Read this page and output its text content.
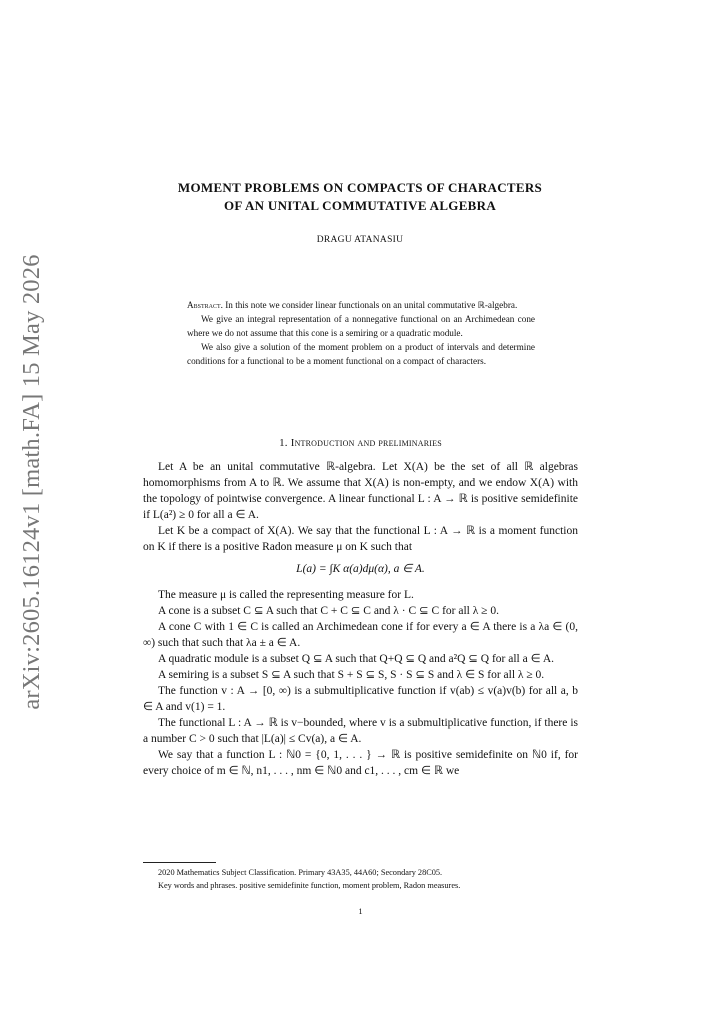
arXiv:2605.16124v1 [math.FA] 15 May 2026
MOMENT PROBLEMS ON COMPACTS OF CHARACTERS
OF AN UNITAL COMMUTATIVE ALGEBRA
DRAGU ATANASIU

Abstract. In this note we consider linear functionals on an unital commutative ℝ-algebra.

We give an integral representation of a nonnegative functional on an Archimedean cone where we do not assume that this cone is a semiring or a quadratic module.

We also give a solution of the moment problem on a product of intervals and determine conditions for a functional to be a moment functional on a compact of characters.

1. Introduction and preliminaries

Let A be an unital commutative ℝ-algebra. Let X(A) be the set of all ℝ algebras homomorphisms from A to ℝ. We assume that X(A) is non-empty, and we endow X(A) with the topology of pointwise convergence. A linear functional L : A → ℝ is positive semidefinite if L(a²) ≥ 0 for all a ∈ A.

Let K be a compact of X(A). We say that the functional L : A → ℝ is a moment function on K if there is a positive Radon measure μ on K such that

L(a) = ∫K α(a)dμ(α), a ∈ A.

The measure μ is called the representing measure for L.

A cone is a subset C ⊆ A such that C + C ⊆ C and λ · C ⊆ C for all λ ≥ 0.

A cone C with 1 ∈ C is called an Archimedean cone if for every a ∈ A there is a λa ∈ (0, ∞) such that such that λa ± a ∈ A.

A quadratic module is a subset Q ⊆ A such that Q+Q ⊆ Q and a²Q ⊆ Q for all a ∈ A.

A semiring is a subset S ⊆ A such that S + S ⊆ S, S · S ⊆ S and λ ∈ S for all λ ≥ 0.

The function v : A → [0, ∞) is a submultiplicative function if v(ab) ≤ v(a)v(b) for all a, b ∈ A and v(1) = 1.

The functional L : A → ℝ is v−bounded, where v is a submultiplicative function, if there is a number C > 0 such that |L(a)| ≤ Cv(a), a ∈ A.

We say that a function L : ℕ0 = {0, 1, . . . } → ℝ is positive semidefinite on ℕ0 if, for every choice of m ∈ ℕ, n1, . . . , nm ∈ ℕ0 and c1, . . . , cm ∈ ℝ we

2020 Mathematics Subject Classification. Primary 43A35, 44A60; Secondary 28C05.

Key words and phrases. positive semidefinite function, moment problem, Radon measures.

1
